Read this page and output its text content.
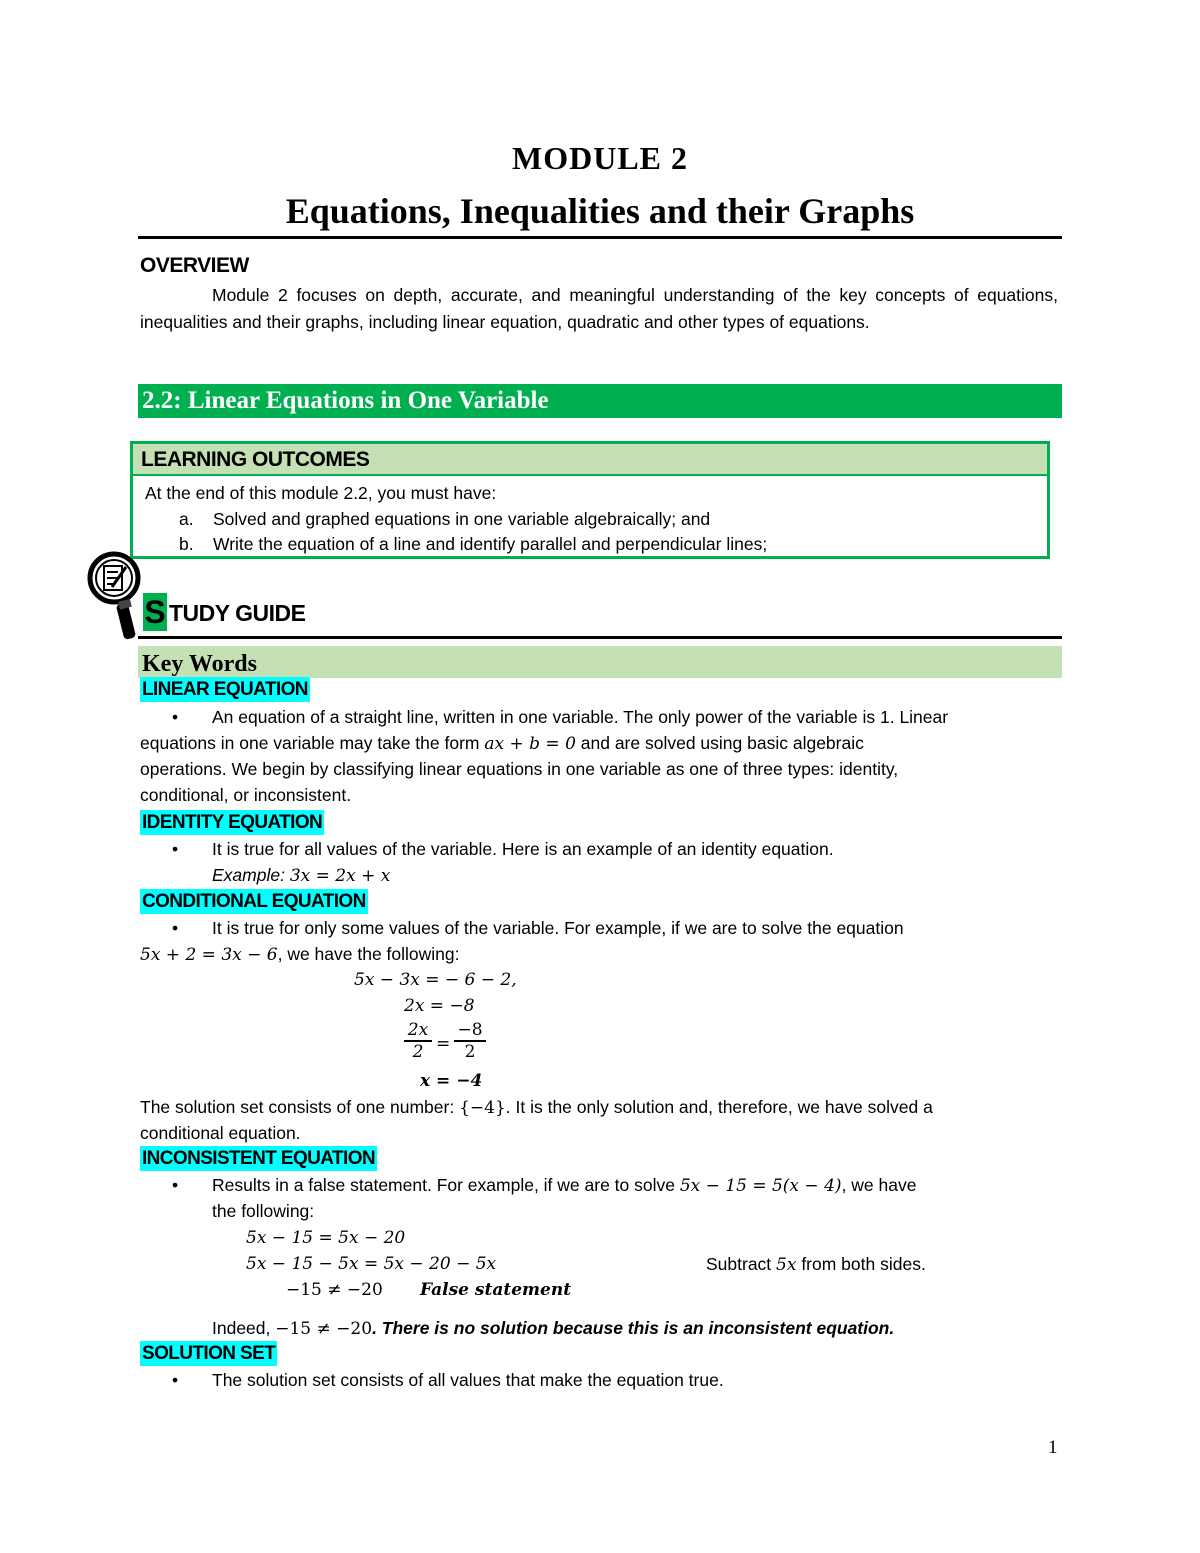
MODULE 2
Equations, Inequalities and their Graphs
OVERVIEW
Module 2 focuses on depth, accurate, and meaningful understanding of the key concepts of equations, inequalities and their graphs, including linear equation, quadratic and other types of equations.
2.2: Linear Equations in One Variable
LEARNING OUTCOMES
At the end of this module 2.2, you must have:
a. Solved and graphed equations in one variable algebraically; and
b. Write the equation of a line and identify parallel and perpendicular lines;
S TUDY GUIDE
Key Words
LINEAR EQUATION
• An equation of a straight line, written in one variable. The only power of the variable is 1. Linear
equations in one variable may take the form ax + b = 0 and are solved using basic algebraic
operations. We begin by classifying linear equations in one variable as one of three types: identity,
conditional, or inconsistent.
IDENTITY EQUATION
• It is true for all values of the variable. Here is an example of an identity equation.
Example: 3x = 2x + x
CONDITIONAL EQUATION
• It is true for only some values of the variable. For example, if we are to solve the equation
5x + 2 = 3x − 6, we have the following:
5x − 3x = − 6 − 2,
2x = −8
2x
2 =
−8
2
x = −4
The solution set consists of one number: {−4}. It is the only solution and, therefore, we have solved a
conditional equation.
INCONSISTENT EQUATION
• Results in a false statement. For example, if we are to solve 5x − 15 = 5(x − 4), we have
the following:
5x − 15 = 5x − 20
5x − 15 − 5x = 5x − 20 − 5x	Subtract 5x from both sides.
−15 ≠ −20 False statement
Indeed, −15 ≠ −20. There is no solution because this is an inconsistent equation.
SOLUTION SET
• The solution set consists of all values that make the equation true.
1
